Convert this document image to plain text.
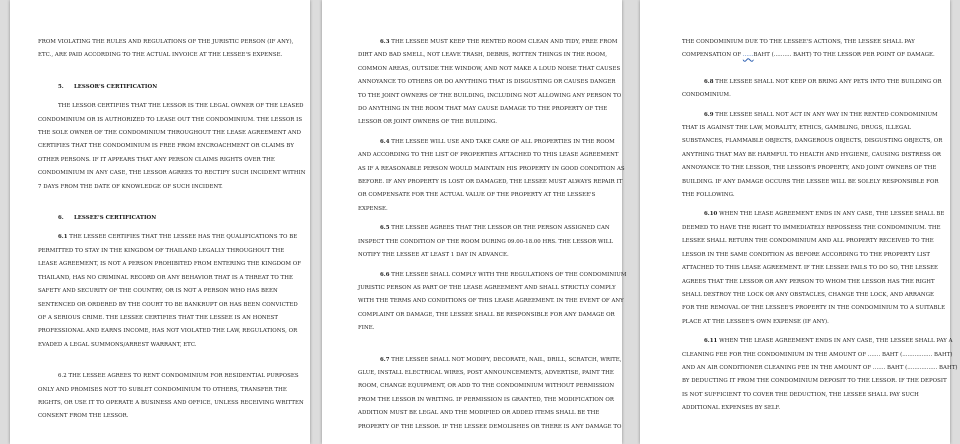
FROM VIOLATING THE RULES AND REGULATIONS OF THE JURISTIC PERSON (IF ANY),
ETC., ARE PAID ACCORDING TO THE ACTUAL INVOICE AT THE LESSEE'S EXPENSE.
5. LESSOR'S CERTIFICATION
THE LESSOR CERTIFIES THAT THE LESSOR IS THE LEGAL OWNER OF THE LEASED
CONDOMINIUM OR IS AUTHORIZED TO LEASE OUT THE CONDOMINIUM. THE LESSOR IS
THE SOLE OWNER OF THE CONDOMINIUM THROUGHOUT THE LEASE AGREEMENT AND
CERTIFIES THAT THE CONDOMINIUM IS FREE FROM ENCROACHMENT OR CLAIMS BY
OTHER PERSONS. IF IT APPEARS THAT ANY PERSON CLAIMS RIGHTS OVER THE
CONDOMINIUM IN ANY CASE, THE LESSOR AGREES TO RECTIFY SUCH INCIDENT WITHIN
7 DAYS FROM THE DATE OF KNOWLEDGE OF SUCH INCIDENT.
6. LESSEE'S CERTIFICATION
6.1 THE LESSEE CERTIFIES THAT THE LESSEE HAS THE QUALIFICATIONS TO BE
PERMITTED TO STAY IN THE KINGDOM OF THAILAND LEGALLY THROUGHOUT THE
LEASE AGREEMENT, IS NOT A PERSON PROHIBITED FROM ENTERING THE KINGDOM OF
THAILAND, HAS NO CRIMINAL RECORD OR ANY BEHAVIOR THAT IS A THREAT TO THE
SAFETY AND SECURITY OF THE COUNTRY, OR IS NOT A PERSON WHO HAS BEEN
SENTENCED OR ORDERED BY THE COURT TO BE BANKRUPT OR HAS BEEN CONVICTED
OF A SERIOUS CRIME. THE LESSEE CERTIFIES THAT THE LESSEE IS AN HONEST
PROFESSIONAL AND EARNS INCOME, HAS NOT VIOLATED THE LAW, REGULATIONS, OR
EVADED A LEGAL SUMMONS/ARREST WARRANT, ETC.
6.2 THE LESSEE AGREES TO RENT CONDOMINIUM FOR RESIDENTIAL PURPOSES
ONLY AND PROMISES NOT TO SUBLET CONDOMINIUM TO OTHERS, TRANSFER THE
RIGHTS, OR USE IT TO OPERATE A BUSINESS AND OFFICE, UNLESS RECEIVING WRITTEN
CONSENT FROM THE LESSOR.
6.3 THE LESSEE MUST KEEP THE RENTED ROOM CLEAN AND TIDY, FREE FROM
DIRT AND BAD SMELL, NOT LEAVE TRASH, DEBRIS, ROTTEN THINGS IN THE ROOM,
COMMON AREAS, OUTSIDE THE WINDOW, AND NOT MAKE A LOUD NOISE THAT CAUSES
ANNOYANCE TO OTHERS OR DO ANYTHING THAT IS DISGUSTING OR CAUSES DANGER
TO THE JOINT OWNERS OF THE BUILDING, INCLUDING NOT ALLOWING ANY PERSON TO
DO ANYTHING IN THE ROOM THAT MAY CAUSE DAMAGE TO THE PROPERTY OF THE
LESSOR OR JOINT OWNERS OF THE BUILDING.
6.4 THE LESSEE WILL USE AND TAKE CARE OF ALL PROPERTIES IN THE ROOM
AND ACCORDING TO THE LIST OF PROPERTIES ATTACHED TO THIS LEASE AGREEMENT
AS IF A REASONABLE PERSON WOULD MAINTAIN HIS PROPERTY IN GOOD CONDITION AS
BEFORE. IF ANY PROPERTY IS LOST OR DAMAGED, THE LESSEE MUST ALWAYS REPAIR IT
OR COMPENSATE FOR THE ACTUAL VALUE OF THE PROPERTY AT THE LESSEE'S
EXPENSE.
6.5 THE LESSEE AGREES THAT THE LESSOR OR THE PERSON ASSIGNED CAN
INSPECT THE CONDITION OF THE ROOM DURING 09.00-18.00 HRS. THE LESSOR WILL
NOTIFY THE LESSEE AT LEAST 1 DAY IN ADVANCE.
6.6 THE LESSEE SHALL COMPLY WITH THE REGULATIONS OF THE CONDOMINIUM
JURISTIC PERSON AS PART OF THE LEASE AGREEMENT AND SHALL STRICTLY COMPLY
WITH THE TERMS AND CONDITIONS OF THIS LEASE AGREEMENT. IN THE EVENT OF ANY
COMPLAINT OR DAMAGE, THE LESSEE SHALL BE RESPONSIBLE FOR ANY DAMAGE OR
FINE.
6.7 THE LESSEE SHALL NOT MODIFY, DECORATE, NAIL, DRILL, SCRATCH, WRITE,
GLUE, INSTALL ELECTRICAL WIRES, POST ANNOUNCEMENTS, ADVERTISE, PAINT THE
ROOM, CHANGE EQUIPMENT, OR ADD TO THE CONDOMINIUM WITHOUT PERMISSION
FROM THE LESSOR IN WRITING. IF PERMISSION IS GRANTED, THE MODIFICATION OR
ADDITION MUST BE LEGAL AND THE MODIFIED OR ADDED ITEMS SHALL BE THE
PROPERTY OF THE LESSOR. IF THE LESSEE DEMOLISHES OR THERE IS ANY DAMAGE TO
THE CONDOMINIUM DUE TO THE LESSEE'S ACTIONS, THE LESSEE SHALL PAY
COMPENSATION OF ......BAHT (.......... BAHT) TO THE LESSOR PER POINT OF DAMAGE.
6.8 THE LESSEE SHALL NOT KEEP OR BRING ANY PETS INTO THE BUILDING OR
CONDOMINIUM.
6.9 THE LESSEE SHALL NOT ACT IN ANY WAY IN THE RENTED CONDOMINIUM
THAT IS AGAINST THE LAW, MORALITY, ETHICS, GAMBLING, DRUGS, ILLEGAL
SUBSTANCES, FLAMMABLE OBJECTS, DANGEROUS OBJECTS, DISGUSTING OBJECTS, OR
ANYTHING THAT MAY BE HARMFUL TO HEALTH AND HYGIENE, CAUSING DISTRESS OR
ANNOYANCE TO THE LESSOR, THE LESSOR'S PROPERTY, AND JOINT OWNERS OF THE
BUILDING. IF ANY DAMAGE OCCURS THE LESSEE WILL BE SOLELY RESPONSIBLE FOR
THE FOLLOWING.
6.10 WHEN THE LEASE AGREEMENT ENDS IN ANY CASE, THE LESSEE SHALL BE
DEEMED TO HAVE THE RIGHT TO IMMEDIATELY REPOSSESS THE CONDOMINIUM. THE
LESSEE SHALL RETURN THE CONDOMINIUM AND ALL PROPERTY RECEIVED TO THE
LESSOR IN THE SAME CONDITION AS BEFORE ACCORDING TO THE PROPERTY LIST
ATTACHED TO THIS LEASE AGREEMENT. IF THE LESSEE FAILS TO DO SO, THE LESSEE
AGREES THAT THE LESSOR OR ANY PERSON TO WHOM THE LESSOR HAS THE RIGHT
SHALL DESTROY THE LOCK OR ANY OBSTACLES, CHANGE THE LOCK, AND ARRANGE
FOR THE REMOVAL OF THE LESSEE'S PROPERTY IN THE CONDOMINIUM TO A SUITABLE
PLACE AT THE LESSEE'S OWN EXPENSE (IF ANY).
6.11 WHEN THE LEASE AGREEMENT ENDS IN ANY CASE, THE LESSEE SHALL PAY A
CLEANING FEE FOR THE CONDOMINIUM IN THE AMOUNT OF ....... BAHT (................. BAHT)
AND AN AIR CONDITIONER CLEANING FEE IN THE AMOUNT OF ....... BAHT (................. BAHT)
BY DEDUCTING IT FROM THE CONDOMINIUM DEPOSIT TO THE LESSOR. IF THE DEPOSIT
IS NOT SUFFICIENT TO COVER THE DEDUCTION, THE LESSEE SHALL PAY SUCH
ADDITIONAL EXPENSES BY SELF.
